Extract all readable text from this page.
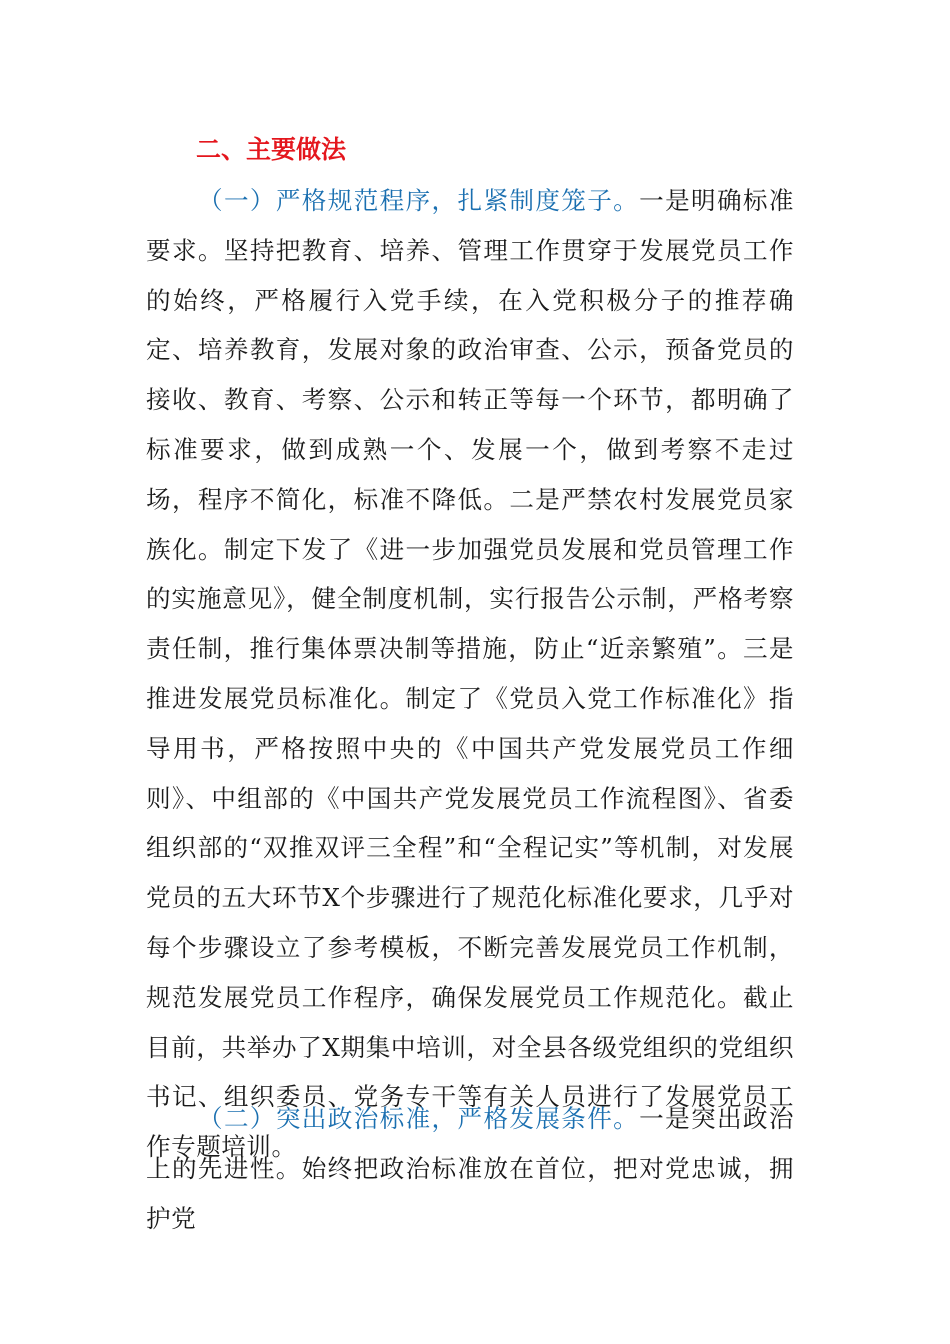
二、主要做法

（一）严格规范程序，扎紧制度笼子。一是明确标准要求。坚持把教育、培养、管理工作贯穿于发展党员工作的始终，严格履行入党手续，在入党积极分子的推荐确定、培养教育，发展对象的政治审查、公示，预备党员的接收、教育、考察、公示和转正等每一个环节，都明确了标准要求，做到成熟一个、发展一个，做到考察不走过场，程序不简化，标准不降低。二是严禁农村发展党员家族化。制定下发了《进一步加强党员发展和党员管理工作的实施意见》，健全制度机制，实行报告公示制，严格考察责任制，推行集体票决制等措施，防止“近亲繁殖”。三是推进发展党员标准化。制定了《党员入党工作标准化》指导用书，严格按照中央的《中国共产党发展党员工作细则》、中组部的《中国共产党发展党员工作流程图》、省委组织部的“双推双评三全程”和“全程记实”等机制，对发展党员的五大环节X个步骤进行了规范化标准化要求，几乎对每个步骤设立了参考模板，不断完善发展党员工作机制，规范发展党员工作程序，确保发展党员工作规范化。截止目前，共举办了X期集中培训，对全县各级党组织的党组织书记、组织委员、党务专干等有关人员进行了发展党员工作专题培训。

（二）突出政治标准，严格发展条件。一是突出政治上的先进性。始终把政治标准放在首位，把对党忠诚，拥护党
